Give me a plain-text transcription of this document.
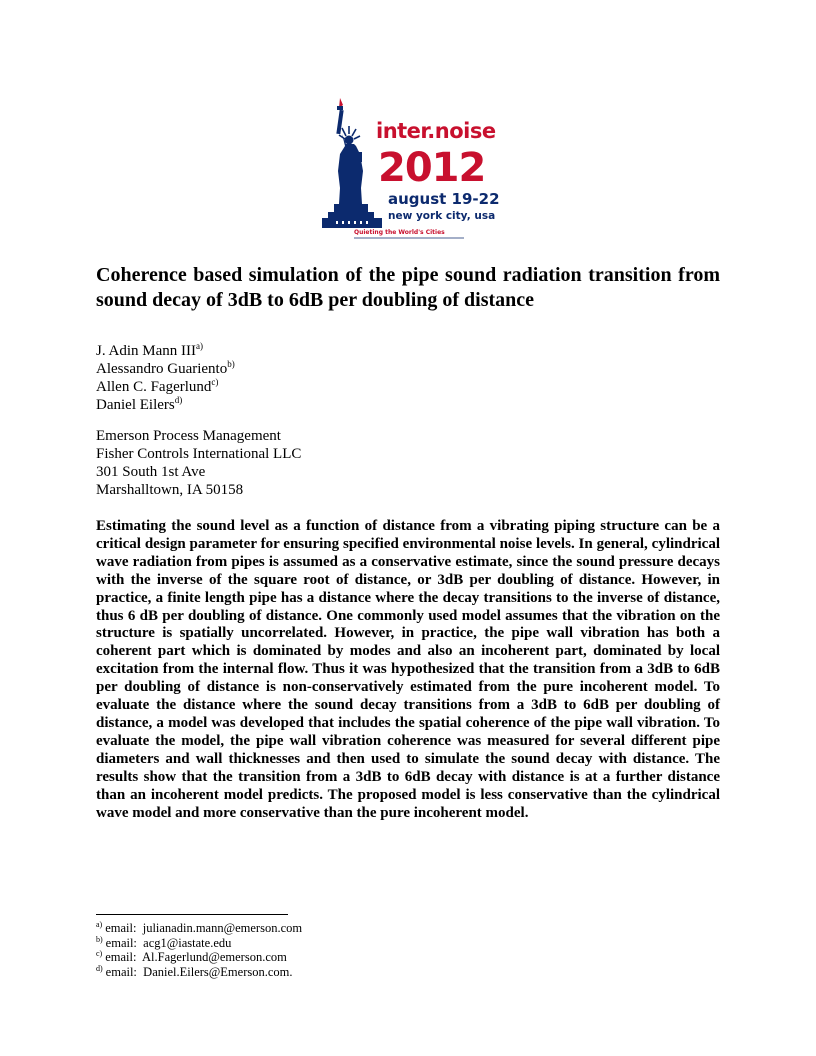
inter.noise
2012
august 19-22
new york city, usa
Quieting the World's Cities
Coherence based simulation of the pipe sound radiation transition from sound decay of 3dB to 6dB per doubling of distance
J. Adin Mann III$^{a)}$
Alessandro Guariento$^{b)}$
Allen C. Fagerlund$^{c)}$
Daniel Eilers$^{d)}$
Emerson Process Management
Fisher Controls International LLC
301 South 1st Ave
Marshalltown, IA 50158

Estimating the sound level as a function of distance from a vibrating piping structure can be a critical design parameter for ensuring specified environmental noise levels. In general, cylindrical wave radiation from pipes is assumed as a conservative estimate, since the sound pressure decays with the inverse of the square root of distance, or 3dB per doubling of distance. However, in practice, a finite length pipe has a distance where the decay transitions to the inverse of distance, thus 6 dB per doubling of distance. One commonly used model assumes that the vibration on the structure is spatially uncorrelated. However, in practice, the pipe wall vibration has both a coherent part which is dominated by modes and also an incoherent part, dominated by local excitation from the internal flow. Thus it was hypothesized that the transition from a 3dB to 6dB per doubling of distance is non-conservatively estimated from the pure incoherent model. To evaluate the distance where the sound decay transitions from a 3dB to 6dB per doubling of distance, a model was developed that includes the spatial coherence of the pipe wall vibration. To evaluate the model, the pipe wall vibration coherence was measured for several different pipe diameters and wall thicknesses and then used to simulate the sound decay with distance. The results show that the transition from a 3dB to 6dB decay with distance is at a further distance than an incoherent model predicts. The proposed model is less conservative than the cylindrical wave model and more conservative than the pure incoherent model.

$^{a)}$ email: julianadin.mann@emerson.com
$^{b)}$ email: acg1@iastate.edu
$^{c)}$ email: Al.Fagerlund@emerson.com
$^{d)}$ email: Daniel.Eilers@Emerson.com.
